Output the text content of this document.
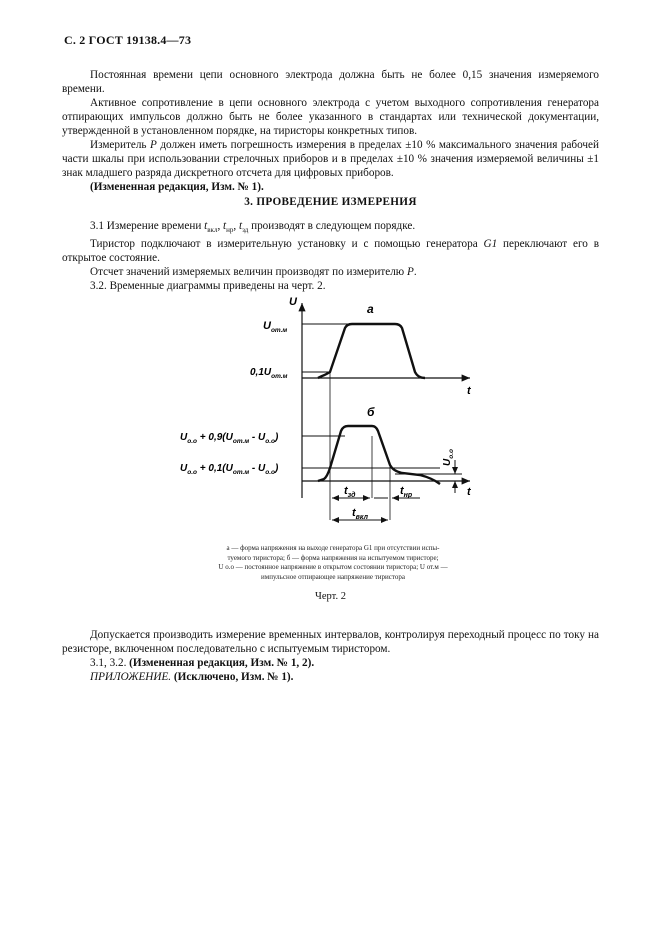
С. 2 ГОСТ 19138.4—73

Постоянная времени цепи основного электрода должна быть не более 0,15 значения измеряемого времени.

Активное сопротивление в цепи основного электрода с учетом выходного сопротивления генератора отпирающих импульсов должно быть не более указанного в стандартах или технической документации, утвержденной в установленном порядке, на тиристоры конкретных типов.

Измеритель Р должен иметь погрешность измерения в пределах ±10 % максимального значения рабочей части шкалы при использовании стрелочных приборов и в пределах ±10 % значения измеряемой величины ±1 знак младшего разряда дискретного отсчета для цифровых приборов.

(Измененная редакция, Изм. № 1).

3. ПРОВЕДЕНИЕ ИЗМЕРЕНИЯ

3.1 Измерение времени $t_{вкл}$, $t_{нр}$, $t_{зд}$ производят в следующем порядке.

Тиристор подключают в измерительную установку и с помощью генератора G1 переключают его в открытое состояние.

Отсчет значений измеряемых величин производят по измерителю Р.

3.2. Временные диаграммы приведены на черт. 2.

U
t
а
$U_{от.м}$
$0,1U_{от.м}$
t
б
$U_{о.о} + 0,9(U_{от.м} - U_{о.о})$
$U_{о.о} + 0,1(U_{от.м} - U_{о.о})$
$U_{о.о}$
$t_{зд}$	$t_{нр}$
$t_{вкл}$
а — форма напряжения на выходе генератора G1 при отсутствии испы-
туемого тиристора; б — форма напряжения на испытуемом тиристоре;
U о.о — постоянное напряжение в открытом состоянии тиристора; U от.м —
импульсное отпирающее напряжение тиристора
Черт. 2

Допускается производить измерение временных интервалов, контролируя переходный процесс по току на резисторе, включенном последовательно с испытуемым тиристором.

3.1, 3.2. (Измененная редакция, Изм. № 1, 2).

ПРИЛОЖЕНИЕ. (Исключено, Изм. № 1).
